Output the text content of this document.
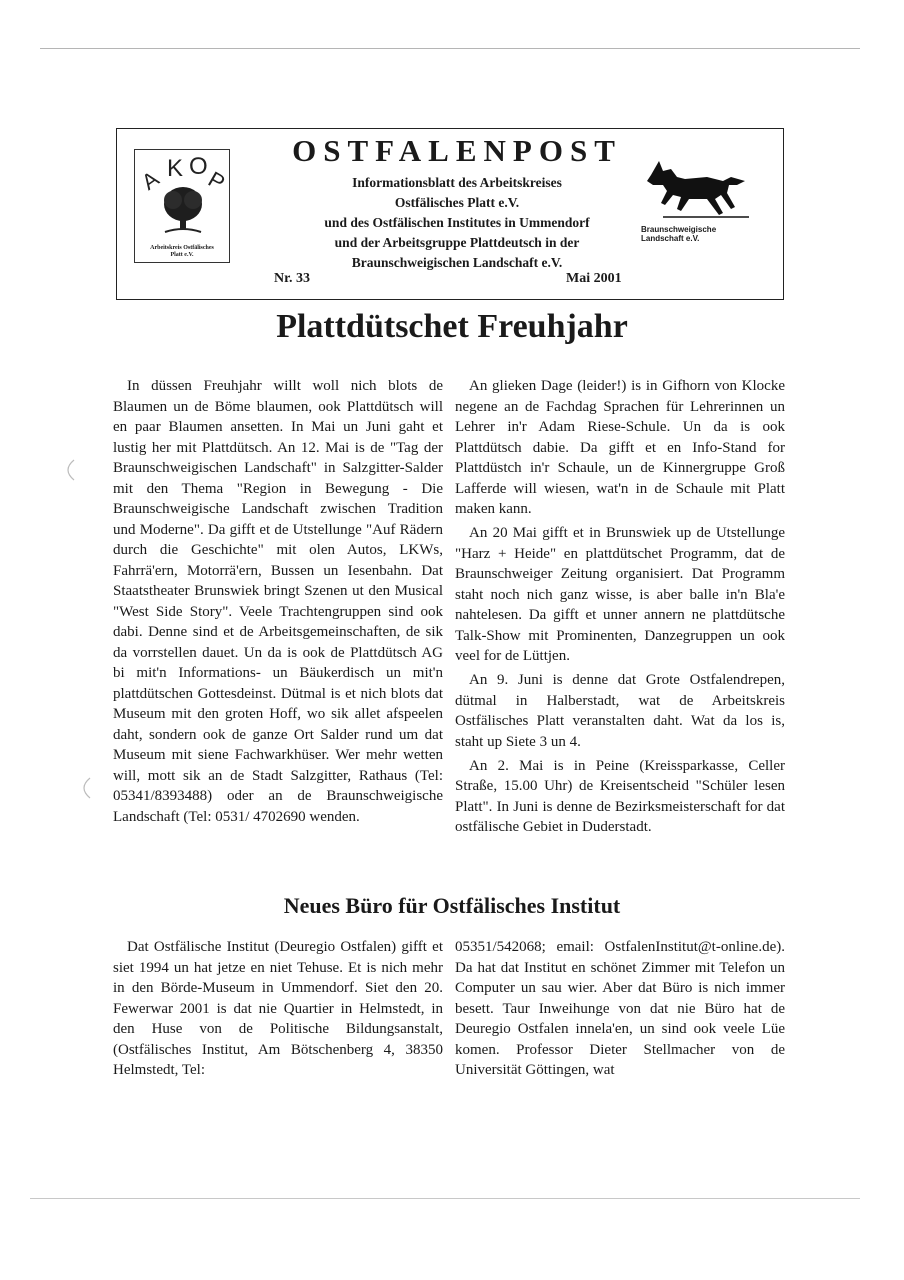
A K O
P
Arbeitskreis Ostfälisches
Platt e.V.
OSTFALENPOST
Informationsblatt des Arbeitskreises
Ostfälisches Platt e.V.
und des Ostfälischen Institutes in Ummendorf
und der Arbeitsgruppe Plattdeutsch in der
Braunschweigischen Landschaft e.V.
Nr. 33	Mai 2001
Braunschweigische
Landschaft e.V.
Plattdütschet Freuhjahr

In düssen Freuhjahr willt woll nich blots de Blaumen un de Böme blaumen, ook Plattdütsch will en paar Blaumen ansetten. In Mai un Juni gaht et lustig her mit Plattdütsch. An 12. Mai is de "Tag der Braunschweigischen Landschaft" in Salzgitter-Salder mit den Thema "Region in Bewegung - Die Braunschweigische Landschaft zwischen Tradition und Moderne". Da gifft et de Utstellunge "Auf Rädern durch die Geschichte" mit olen Autos, LKWs, Fahrrä'ern, Motorrä'ern, Bussen un Iesenbahn. Dat Staatstheater Brunswiek bringt Szenen ut den Musical "West Side Story". Veele Trachtengruppen sind ook dabi. Denne sind et de Arbeitsgemeinschaften, de sik da vorrstellen dauet. Un da is ook de Plattdütsch AG bi mit'n Informations- un Bäukerdisch un mit'n plattdütschen Gottesdeinst. Dütmal is et nich blots dat Museum mit den groten Hoff, wo sik allet afspeelen daht, sondern ook de ganze Ort Salder rund um dat Museum mit siene Fachwarkhüser. Wer mehr wetten will, mott sik an de Stadt Salzgitter, Rathaus (Tel: 05341/8393488) oder an de Braunschweigische Landschaft (Tel: 0531/ 4702690 wenden.

An glieken Dage (leider!) is in Gifhorn von Klocke negene an de Fachdag Sprachen für Lehrerinnen un Lehrer in'r Adam Riese-Schule. Un da is ook Plattdütsch dabie. Da gifft et en Info-Stand for Plattdüstch in'r Schaule, un de Kinnergruppe Groß Lafferde will wiesen, wat'n in de Schaule mit Platt maken kann.

An 20 Mai gifft et in Brunswiek up de Utstellunge "Harz + Heide" en plattdütschet Programm, dat de Braunschweiger Zeitung organisiert. Dat Programm staht noch nich ganz wisse, is aber balle in'n Bla'e nahtelesen. Da gifft et unner annern ne plattdütsche Talk-Show mit Prominenten, Danzegruppen un ook veel for de Lüttjen.

An 9. Juni is denne dat Grote Ostfalendrepen, dütmal in Halberstadt, wat de Arbeitskreis Ostfälisches Platt veranstalten daht. Wat da los is, staht up Siete 3 un 4.

An 2. Mai is in Peine (Kreissparkasse, Celler Straße, 15.00 Uhr) de Kreisentscheid "Schüler lesen Platt". In Juni is denne de Bezirksmeisterschaft for dat ostfälische Gebiet in Duderstadt.

Neues Büro für Ostfälisches Institut

Dat Ostfälische Institut (Deuregio Ostfalen) gifft et siet 1994 un hat jetze en niet Tehuse. Et is nich mehr in den Börde-Museum in Ummendorf. Siet den 20. Fewerwar 2001 is dat nie Quartier in Helmstedt, in den Huse von de Politische Bildungsanstalt, (Ostfälisches Institut, Am Bötschenberg 4, 38350 Helmstedt, Tel:

05351/542068; email: OstfalenInstitut@t-online.de). Da hat dat Institut en schönet Zimmer mit Telefon un Computer un sau wier. Aber dat Büro is nich immer besett. Taur Inweihunge von dat nie Büro hat de Deuregio Ostfalen innela'en, un sind ook veele Lüe komen. Professor Dieter Stellmacher von de Universität Göttingen, wat
